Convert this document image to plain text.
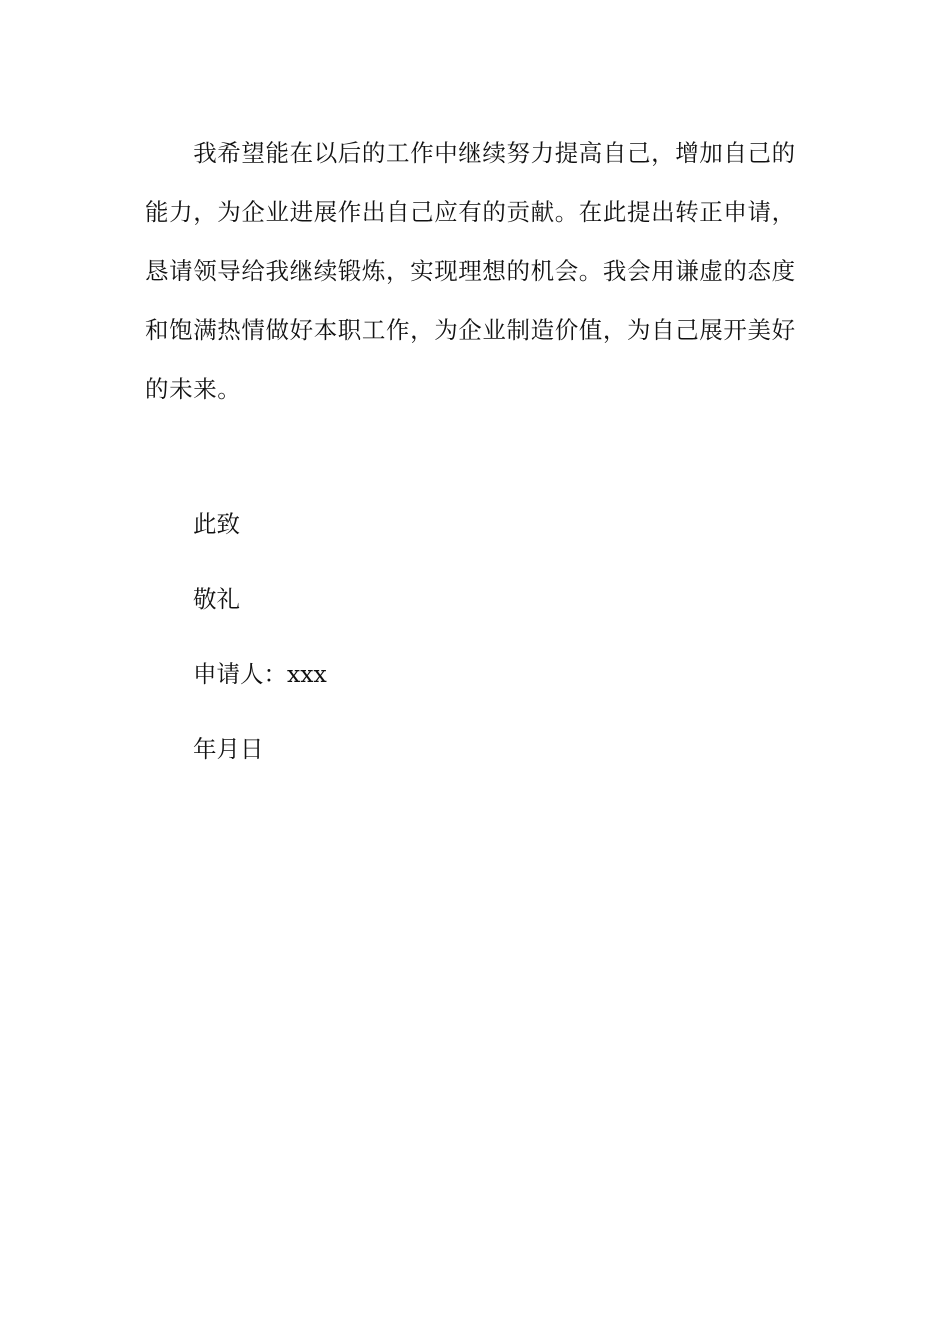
　　我希望能在以后的工作中继续努力提高自己，增加自己的
能力，为企业进展作出自己应有的贡献。在此提出转正申请，
恳请领导给我继续锻炼，实现理想的机会。我会用谦虚的态度
和饱满热情做好本职工作，为企业制造价值，为自己展开美好
的未来。

此致

敬礼

申请人：xxx

年月日
